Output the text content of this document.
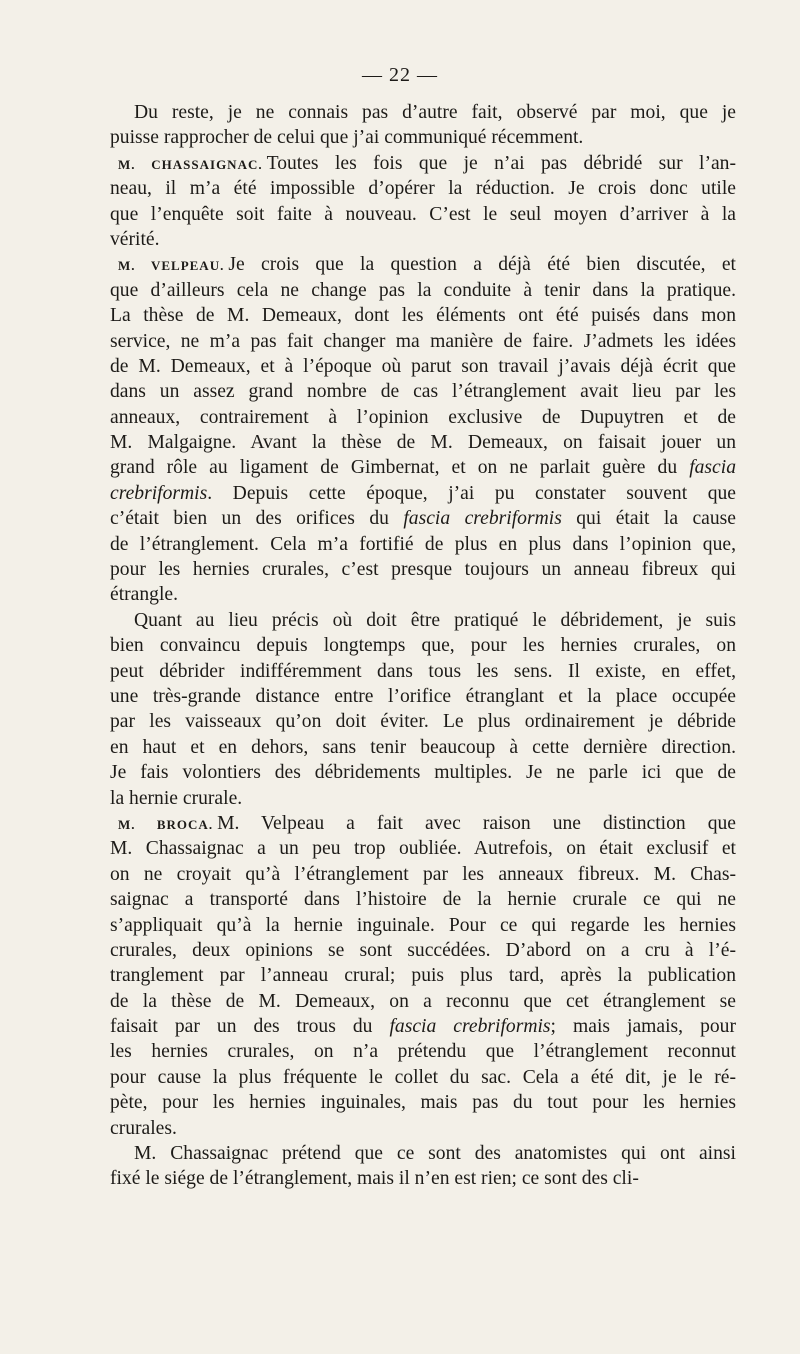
— 22 —

Du reste, je ne connais pas d’autre fait, observé par moi, que je
puisse rapprocher de celui que j’ai communiqué récemment.

M. CHASSAIGNAC. Toutes les fois que je n’ai pas débridé sur l’an-
neau, il m’a été impossible d’opérer la réduction. Je crois donc utile
que l’enquête soit faite à nouveau. C’est le seul moyen d’arriver à la
vérité.

M. VELPEAU. Je crois que la question a déjà été bien discutée, et
que d’ailleurs cela ne change pas la conduite à tenir dans la pratique.
La thèse de M. Demeaux, dont les éléments ont été puisés dans mon
service, ne m’a pas fait changer ma manière de faire. J’admets les idées
de M. Demeaux, et à l’époque où parut son travail j’avais déjà écrit que
dans un assez grand nombre de cas l’étranglement avait lieu par les
anneaux, contrairement à l’opinion exclusive de Dupuytren et de
M. Malgaigne. Avant la thèse de M. Demeaux, on faisait jouer un
grand rôle au ligament de Gimbernat, et on ne parlait guère du fascia
crebriformis. Depuis cette époque, j’ai pu constater souvent que
c’était bien un des orifices du fascia crebriformis qui était la cause
de l’étranglement. Cela m’a fortifié de plus en plus dans l’opinion que,
pour les hernies crurales, c’est presque toujours un anneau fibreux qui
étrangle.

Quant au lieu précis où doit être pratiqué le débridement, je suis
bien convaincu depuis longtemps que, pour les hernies crurales, on
peut débrider indifféremment dans tous les sens. Il existe, en effet,
une très-grande distance entre l’orifice étranglant et la place occupée
par les vaisseaux qu’on doit éviter. Le plus ordinairement je débride
en haut et en dehors, sans tenir beaucoup à cette dernière direction.
Je fais volontiers des débridements multiples. Je ne parle ici que de
la hernie crurale.

M. BROCA. M. Velpeau a fait avec raison une distinction que
M. Chassaignac a un peu trop oubliée. Autrefois, on était exclusif et
on ne croyait qu’à l’étranglement par les anneaux fibreux. M. Chas-
saignac a transporté dans l’histoire de la hernie crurale ce qui ne
s’appliquait qu’à la hernie inguinale. Pour ce qui regarde les hernies
crurales, deux opinions se sont succédées. D’abord on a cru à l’é-
tranglement par l’anneau crural; puis plus tard, après la publication
de la thèse de M. Demeaux, on a reconnu que cet étranglement se
faisait par un des trous du fascia crebriformis; mais jamais, pour
les hernies crurales, on n’a prétendu que l’étranglement reconnut
pour cause la plus fréquente le collet du sac. Cela a été dit, je le ré-
pète, pour les hernies inguinales, mais pas du tout pour les hernies
crurales.

M. Chassaignac prétend que ce sont des anatomistes qui ont ainsi
fixé le siége de l’étranglement, mais il n’en est rien; ce sont des cli-
